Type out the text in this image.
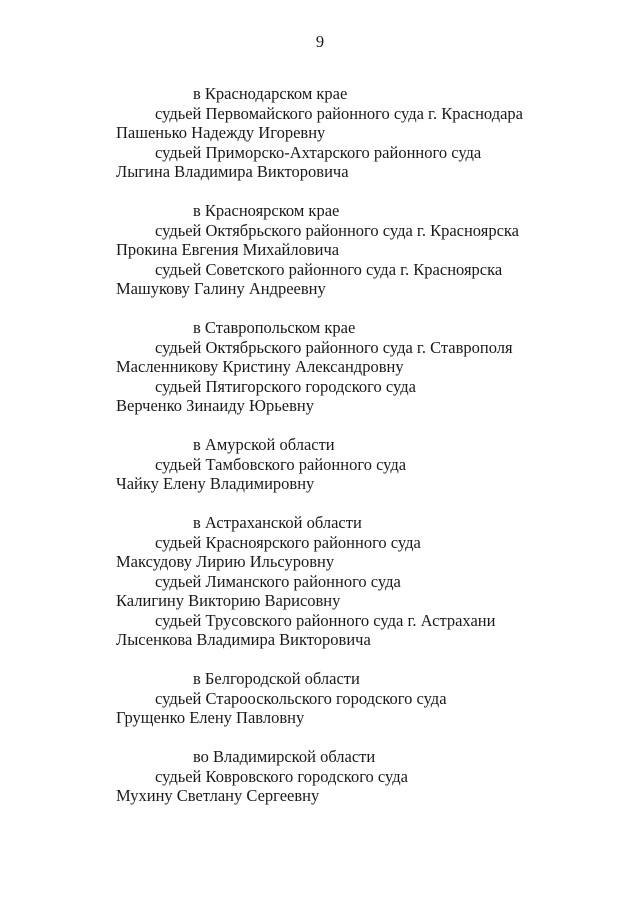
9
в Краснодарском крае
судьей Первомайского районного суда г. Краснодара
Пашенько Надежду Игоревну
судьей Приморско-Ахтарского районного суда
Лыгина Владимира Викторовича
в Красноярском крае
судьей Октябрьского районного суда г. Красноярска
Прокина Евгения Михайловича
судьей Советского районного суда г. Красноярска
Машукову Галину Андреевну
в Ставропольском крае
судьей Октябрьского районного суда г. Ставрополя
Масленникову Кристину Александровну
судьей Пятигорского городского суда
Верченко Зинаиду Юрьевну
в Амурской области
судьей Тамбовского районного суда
Чайку Елену Владимировну
в Астраханской области
судьей Красноярского районного суда
Максудову Лирию Ильсуровну
судьей Лиманского районного суда
Калигину Викторию Варисовну
судьей Трусовского районного суда г. Астрахани
Лысенкова Владимира Викторовича
в Белгородской области
судьей Старооскольского городского суда
Грущенко Елену Павловну
во Владимирской области
судьей Ковровского городского суда
Мухину Светлану Сергеевну
